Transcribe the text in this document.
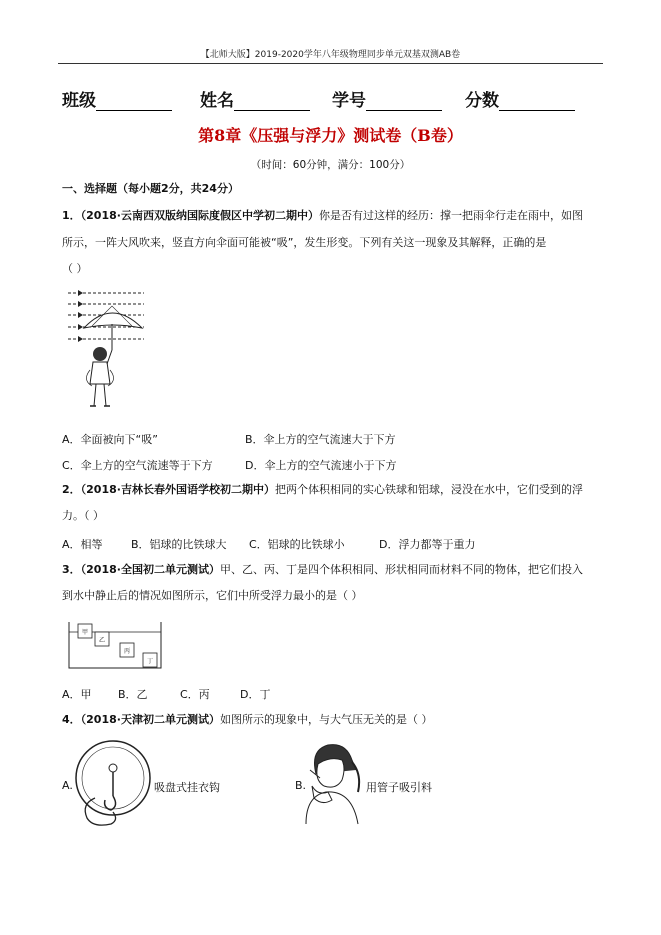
【北师大版】2019-2020学年八年级物理同步单元双基双测AB卷
班级	姓名	学号	分数
第8章《压强与浮力》测试卷（B卷）
（时间：60分钟，满分：100分）
一、选择题（每小题2分，共24分）
1．（2018·云南西双版纳国际度假区中学初二期中）你是否有过这样的经历：撑一把雨伞行走在雨中，如图
所示，一阵大风吹来，竖直方向伞面可能被“吸”，发生形变。下列有关这一现象及其解释，正确的是
（ ）
A．伞面被向下“吸”	B．伞上方的空气流速大于下方
C．伞上方的空气流速等于下方	D．伞上方的空气流速小于下方
2．（2018·吉林长春外国语学校初二期中）把两个体积相同的实心铁球和铝球，浸没在水中，它们受到的浮
力。（ ）
A．相等	B．铝球的比铁球大 C．铝球的比铁球小	D．浮力都等于重力
3．（2018·全国初二单元测试）甲、乙、丙、丁是四个体积相同、形状相同而材料不同的物体，把它们投入
到水中静止后的情况如图所示，它们中所受浮力最小的是（ ）
甲
乙
丙
丁
A．甲 B．乙	C．丙	D．丁
4．（2018·天津初二单元测试）如图所示的现象中，与大气压无关的是（ ）
A.	吸盘式挂衣钩	B.	用管子吸引料
